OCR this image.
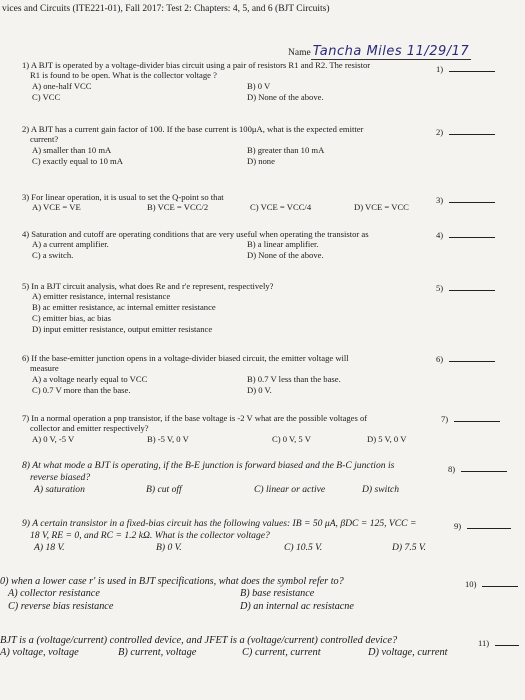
vices and Circuits (ITE221-01), Fall 2017: Test 2: Chapters: 4, 5, and 6 (BJT Circuits)
Name Tancha Miles 11/29/17
1) A BJT is operated by a voltage-divider bias circuit using a pair of resistors R1 and R2. The resistor
R1 is found to be open. What is the collector voltage ?
A) one-half VCC	B) 0 V
C) VCC	D) None of the above.
1)
2) A BJT has a current gain factor of 100. If the base current is 100μA, what is the expected emitter
current?
A) smaller than 10 mA	B) greater than 10 mA
C) exactly equal to 10 mA	D) none
2)
3) For linear operation, it is usual to set the Q-point so that
A) VCE = VE	B) VCE = VCC/2	C) VCE = VCC/4	D) VCE = VCC
3)
4) Saturation and cutoff are operating conditions that are very useful when operating the transistor as
A) a current amplifier.	B) a linear amplifier.
C) a switch.	D) None of the above.
4)
5) In a BJT circuit analysis, what does Re and r'e represent, respectively?
A) emitter resistance, internal resistance
B) ac emitter resistance, ac internal emitter resistance
C) emitter bias, ac bias
D) input emitter resistance, output emitter resistance
5)
6) If the base-emitter junction opens in a voltage-divider biased circuit, the emitter voltage will
measure
A) a voltage nearly equal to VCC	B) 0.7 V less than the base.
C) 0.7 V more than the base.	D) 0 V.
6)
7) In a normal operation a pnp transistor, if the base voltage is -2 V what are the possible voltages of
collector and emitter respectively?
A) 0 V, -5 V	B) -5 V, 0 V	C) 0 V, 5 V	D) 5 V, 0 V
7)
8) At what mode a BJT is operating, if the B-E junction is forward biased and the B-C junction is
reverse biased?
A) saturation	B) cut off	C) linear or active	D) switch
8)
9) A certain transistor in a fixed-bias circuit has the following values: IB = 50 μA, βDC = 125, VCC =
18 V, RE = 0, and RC = 1.2 kΩ. What is the collector voltage?
A) 18 V.	B) 0 V.	C) 10.5 V.	D) 7.5 V.
9)
0) when a lower case r' is used in BJT specifications, what does the symbol refer to?
A) collector resistance	B) base resistance
C) reverse bias resistance	D) an internal ac resistacne
10)
BJT is a (voltage/current) controlled device, and JFET is a (voltage/current) controlled device?
A) voltage, voltage	B) current, voltage	C) current, current	D) voltage, current
11)
